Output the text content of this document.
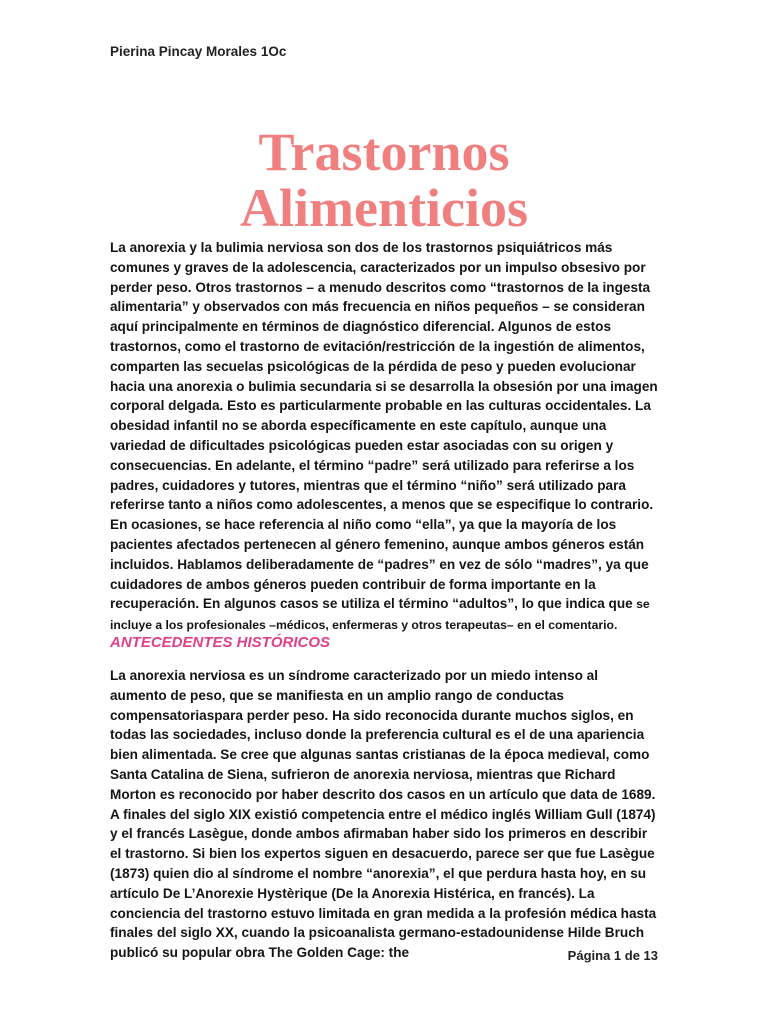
Pierina Pincay Morales 1Oc
Trastornos Alimenticios

La anorexia y la bulimia nerviosa son dos de los trastornos psiquiátricos más comunes y graves de la adolescencia, caracterizados por un impulso obsesivo por perder peso. Otros trastornos – a menudo descritos como “trastornos de la ingesta alimentaria” y observados con más frecuencia en niños pequeños – se consideran aquí principalmente en términos de diagnóstico diferencial. Algunos de estos trastornos, como el trastorno de evitación/restricción de la ingestión de alimentos, comparten las secuelas psicológicas de la pérdida de peso y pueden evolucionar hacia una anorexia o bulimia secundaria si se desarrolla la obsesión por una imagen corporal delgada. Esto es particularmente probable en las culturas occidentales. La obesidad infantil no se aborda específicamente en este capítulo, aunque una variedad de dificultades psicológicas pueden estar asociadas con su origen y consecuencias. En adelante, el término “padre” será utilizado para referirse a los padres, cuidadores y tutores, mientras que el término “niño” será utilizado para referirse tanto a niños como adolescentes, a menos que se especifique lo contrario. En ocasiones, se hace referencia al niño como “ella”, ya que la mayoría de los pacientes afectados pertenecen al género femenino, aunque ambos géneros están incluidos. Hablamos deliberadamente de “padres” en vez de sólo “madres”, ya que cuidadores de ambos géneros pueden contribuir de forma importante en la recuperación. En algunos casos se utiliza el término “adultos”, lo que indica que se incluye a los profesionales –médicos, enfermeras y otros terapeutas– en el comentario.

ANTECEDENTES HISTÓRICOS

La anorexia nerviosa es un síndrome caracterizado por un miedo intenso al aumento de peso, que se manifiesta en un amplio rango de conductas compensatoriaspara perder peso. Ha sido reconocida durante muchos siglos, en todas las sociedades, incluso donde la preferencia cultural es el de una apariencia bien alimentada. Se cree que algunas santas cristianas de la época medieval, como Santa Catalina de Siena, sufrieron de anorexia nerviosa, mientras que Richard Morton es reconocido por haber descrito dos casos en un artículo que data de 1689. A finales del siglo XIX existió competencia entre el médico inglés William Gull (1874) y el francés Lasègue, donde ambos afirmaban haber sido los primeros en describir el trastorno. Si bien los expertos siguen en desacuerdo, parece ser que fue Lasègue (1873) quien dio al síndrome el nombre “anorexia”, el que perdura hasta hoy, en su artículo De L’Anorexie Hystèrique (De la Anorexia Histérica, en francés). La conciencia del trastorno estuvo limitada en gran medida a la profesión médica hasta finales del siglo XX, cuando la psicoanalista germano-estadounidense Hilde Bruch publicó su popular obra The Golden Cage: the	Página 1 de 13
